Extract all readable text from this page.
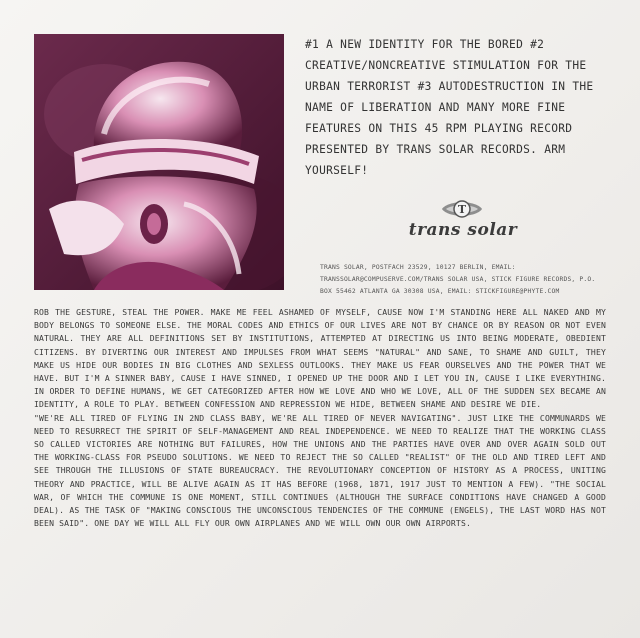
#1 A NEW IDENTITY FOR THE BORED #2 CREATIVE/NONCREATIVE STIMULATION FOR THE URBAN TERRORIST #3 AUTODESTRUCTION IN THE NAME OF LIBERATION AND MANY MORE FINE FEATURES ON THIS 45 RPM PLAYING RECORD PRESENTED BY TRANS SOLAR RECORDS. ARM YOURSELF!
T
trans solar
TRANS SOLAR, POSTFACH 23529, 10127 BERLIN, EMAIL: TRANSSOLAR@COMPUSERVE.COM/TRANS SOLAR USA, STICK FIGURE RECORDS, P.O. BOX 55462 ATLANTA GA 30308 USA, EMAIL: STICKFIGURE@PHYTE.COM

ROB THE GESTURE, STEAL THE POWER. MAKE ME FEEL ASHAMED OF MYSELF, CAUSE NOW I'M STANDING HERE ALL NAKED AND MY BODY BELONGS TO SOMEONE ELSE. THE MORAL CODES AND ETHICS OF OUR LIVES ARE NOT BY CHANCE OR BY REASON OR NOT EVEN NATURAL. THEY ARE ALL DEFINITIONS SET BY INSTITUTIONS, ATTEMPTED AT DIRECTING US INTO BEING MODERATE, OBEDIENT CITIZENS. BY DIVERTING OUR INTEREST AND IMPULSES FROM WHAT SEEMS "NATURAL" AND SANE, TO SHAME AND GUILT, THEY MAKE US HIDE OUR BODIES IN BIG CLOTHES AND SEXLESS OUTLOOKS. THEY MAKE US FEAR OURSELVES AND THE POWER THAT WE HAVE. BUT I'M A SINNER BABY, CAUSE I HAVE SINNED, I OPENED UP THE DOOR AND I LET YOU IN, CAUSE I LIKE EVERYTHING. IN ORDER TO DEFINE HUMANS, WE GET CATEGORIZED AFTER HOW WE LOVE AND WHO WE LOVE, ALL OF THE SUDDEN SEX BECAME AN IDENTITY, A ROLE TO PLAY. BETWEEN CONFESSION AND REPRESSION WE HIDE, BETWEEN SHAME AND DESIRE WE DIE.

"WE'RE ALL TIRED OF FLYING IN 2ND CLASS BABY, WE'RE ALL TIRED OF NEVER NAVIGATING". JUST LIKE THE COMMUNARDS WE NEED TO RESURRECT THE SPIRIT OF SELF-MANAGEMENT AND REAL INDEPENDENCE. WE NEED TO REALIZE THAT THE WORKING CLASS SO CALLED VICTORIES ARE NOTHING BUT FAILURES, HOW THE UNIONS AND THE PARTIES HAVE OVER AND OVER AGAIN SOLD OUT THE WORKING-CLASS FOR PSEUDO SOLUTIONS. WE NEED TO REJECT THE SO CALLED "REALIST" OF THE OLD AND TIRED LEFT AND SEE THROUGH THE ILLUSIONS OF STATE BUREAUCRACY. THE REVOLUTIONARY CONCEPTION OF HISTORY AS A PROCESS, UNITING THEORY AND PRACTICE, WILL BE ALIVE AGAIN AS IT HAS BEFORE (1968, 1871, 1917 JUST TO MENTION A FEW). "THE SOCIAL WAR, OF WHICH THE COMMUNE IS ONE MOMENT, STILL CONTINUES (ALTHOUGH THE SURFACE CONDITIONS HAVE CHANGED A GOOD DEAL). AS THE TASK OF "MAKING CONSCIOUS THE UNCONSCIOUS TENDENCIES OF THE COMMUNE (ENGELS), THE LAST WORD HAS NOT BEEN SAID". ONE DAY WE WILL ALL FLY OUR OWN AIRPLANES AND WE WILL OWN OUR OWN AIRPORTS.
